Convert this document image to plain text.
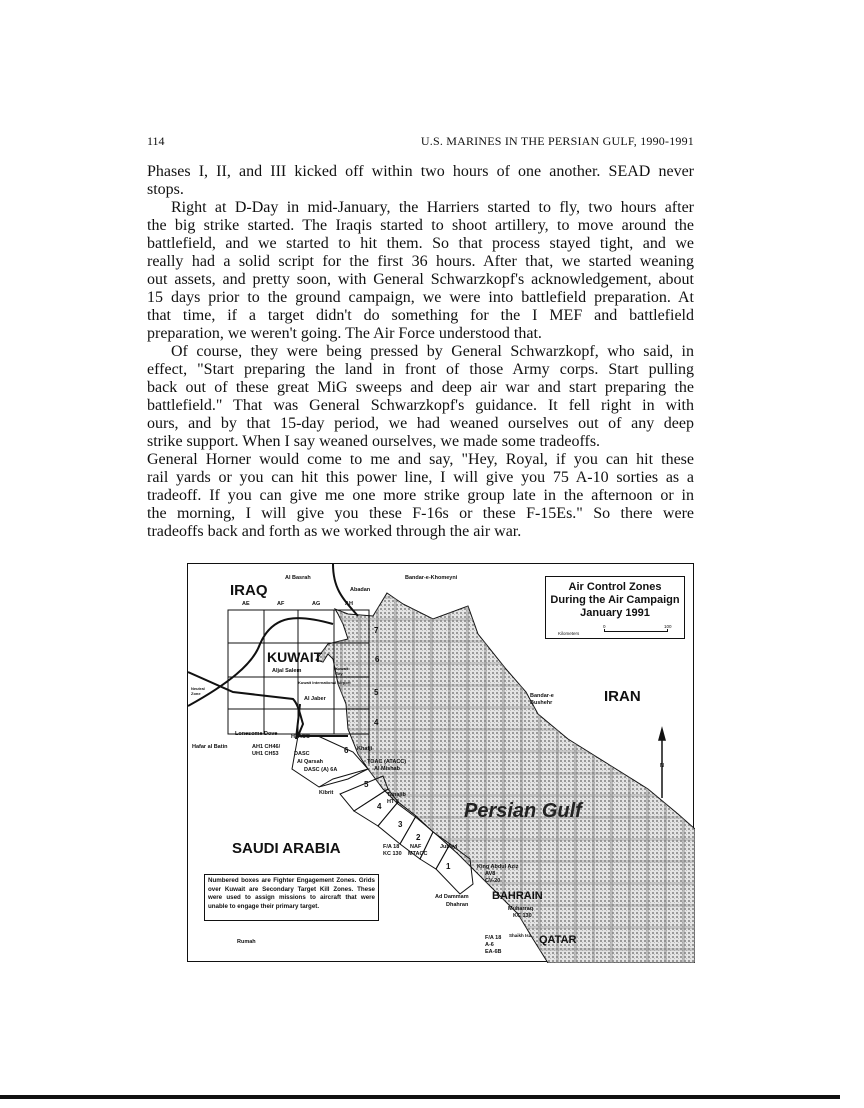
114	U.S. MARINES IN THE PERSIAN GULF, 1990-1991
Phases I, II, and III kicked off within two hours of one another. SEAD never
stops.
Right at D-Day in mid-January, the Harriers started to fly, two hours after
the big strike started. The Iraqis started to shoot artillery, to move around the
battlefield, and we started to hit them. So that process stayed tight, and we
really had a solid script for the first 36 hours. After that, we started weaning
out assets, and pretty soon, with General Schwarzkopf's acknowledgement, about
15 days prior to the ground campaign, we were into battlefield preparation. At
that time, if a target didn't do something for the I MEF and battlefield
preparation, we weren't going. The Air Force understood that.
Of course, they were being pressed by General Schwarzkopf, who said, in
effect, "Start preparing the land in front of those Army corps. Start pulling
back out of these great MiG sweeps and deep air war and start preparing the
battlefield." That was General Schwarzkopf's guidance. It fell right in with
ours, and by that 15-day period, we had weaned ourselves out of any deep
strike support. When I say weaned ourselves, we made some tradeoffs.
General Horner would come to me and say, "Hey, Royal, if you can hit these
rail yards or you can hit this power line, I will give you 75 A-10 sorties as a
tradeoff. If you can give me one more strike group late in the afternoon or in
the morning, I will give you these F-16s or these F-15Es." So there were
tradeoffs back and forth as we worked through the air war.
IRAQ
Al Basrah	Bandar-e-Khomeyni
Abadan
AE	AF	AG	AH
Air Control Zones
During the Air Campaign
January 1991
Kilometers
0	100
KUWAIT
Aljal Salem	Kuwait City
Kuwait International Airport
Al Jaber
Neutral Zone
7
6
5
4
Bandar-e
Bushehr	IRAN
Lonesome Dove HTACC
Hafar al Batin	AH1 CH46/
UH1 CH53	DASC
Al Qarsah
DASC (A) 6A
6 Khafji
TOAC (ATACC)
Al Mishab
Kibrit
5
Tanajib
HT 8
4
3
2
1
Persian Gulf
SAUDI ARABIA	F/A 18
KC 130
NAF
MTACC
Jubayl
King Abdul Aziz
AV8
CV-20
Numbered boxes are Fighter Engagement Zones. Grids over Kuwait are Secondary Target Kill Zones. These were used to assign missions to aircraft that were unable to engage their primary target.
Ad Dammam
Dhahran
BAHRAIN
Muharraq
KC 130
F/A 18
A-6
EA-6B
Shaikh Isa QATAR
Rumah
N
